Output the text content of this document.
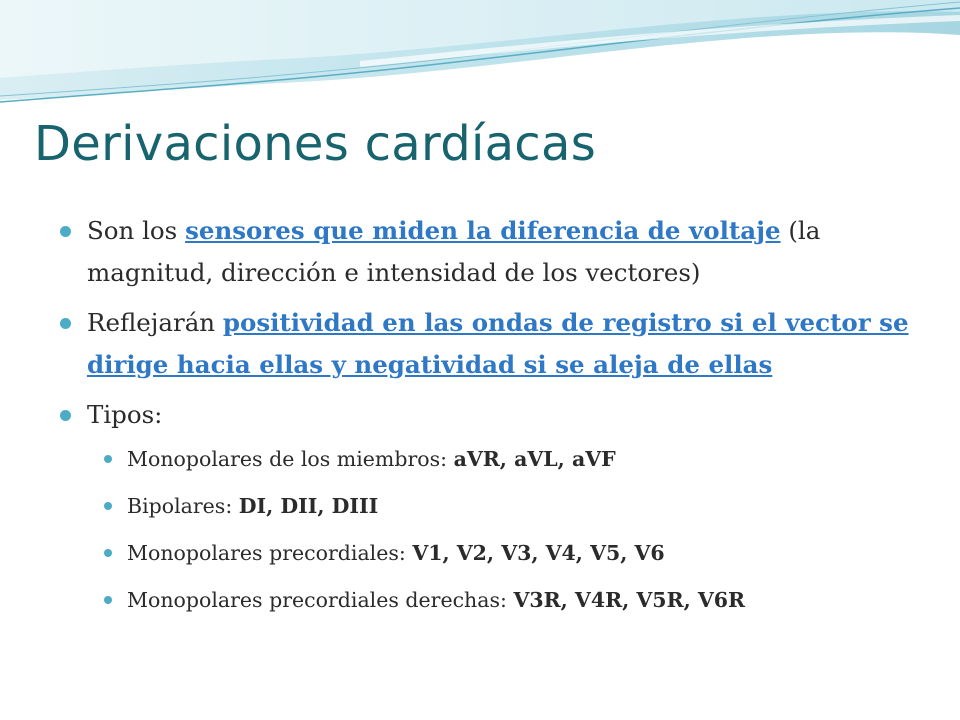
Derivaciones cardíacas
Son los sensores que miden la diferencia de voltaje (la magnitud, dirección e intensidad de los vectores)
Reflejarán positividad en las ondas de registro si el vector se dirige hacia ellas y negatividad si se aleja de ellas
Tipos:
Monopolares de los miembros: aVR, aVL, aVF
Bipolares: DI, DII, DIII
Monopolares precordiales: V1, V2, V3, V4, V5, V6
Monopolares precordiales derechas: V3R, V4R, V5R, V6R
